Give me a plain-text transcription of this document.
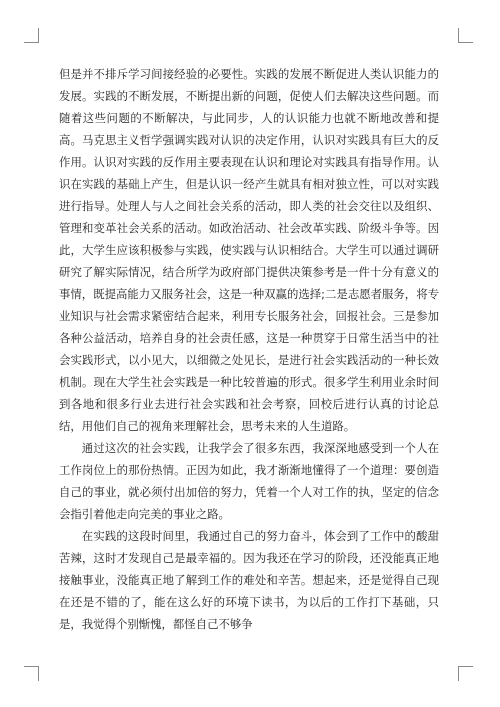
但是并不排斥学习间接经验的必要性。实践的发展不断促进人类认识能力的发展。实践的不断发展，不断提出新的问题，促使人们去解决这些问题。而随着这些问题的不断解决，与此同步，人的认识能力也就不断地改善和提高。马克思主义哲学强调实践对认识的决定作用，认识对实践具有巨大的反作用。认识对实践的反作用主要表现在认识和理论对实践具有指导作用。认识在实践的基础上产生，但是认识一经产生就具有相对独立性，可以对实践进行指导。处理人与人之间社会关系的活动，即人类的社会交往以及组织、管理和变革社会关系的活动。如政治活动、社会改革实践、阶级斗争等。因此，大学生应该积极参与实践，使实践与认识相结合。大学生可以通过调研研究了解实际情况，结合所学为政府部门提供决策参考是一件十分有意义的事情，既提高能力又服务社会，这是一种双赢的选择;二是志愿者服务，将专业知识与社会需求紧密结合起来，利用专长服务社会，回报社会。三是参加各种公益活动，培养自身的社会责任感，这是一种贯穿于日常生活当中的社会实践形式，以小见大，以细微之处见长，是进行社会实践活动的一种长效机制。现在大学生社会实践是一种比较普遍的形式。很多学生利用业余时间到各地和很多行业去进行社会实践和社会考察，回校后进行认真的讨论总结，用他们自己的视角来理解社会，思考未来的人生道路。

通过这次的社会实践，让我学会了很多东西，我深深地感受到一个人在工作岗位上的那份热情。正因为如此，我才渐渐地懂得了一个道理：要创造自己的事业，就必须付出加倍的努力，凭着一个人对工作的执，坚定的信念会指引着他走向完美的事业之路。

在实践的这段时间里，我通过自己的努力奋斗，体会到了工作中的酸甜苦辣，这时才发现自己是最幸福的。因为我还在学习的阶段，还没能真正地接触事业，没能真正地了解到工作的难处和辛苦。想起来，还是觉得自己现在还是不错的了，能在这么好的环境下读书，为以后的工作打下基础，只是，我觉得个别惭愧，都怪自己不够争
